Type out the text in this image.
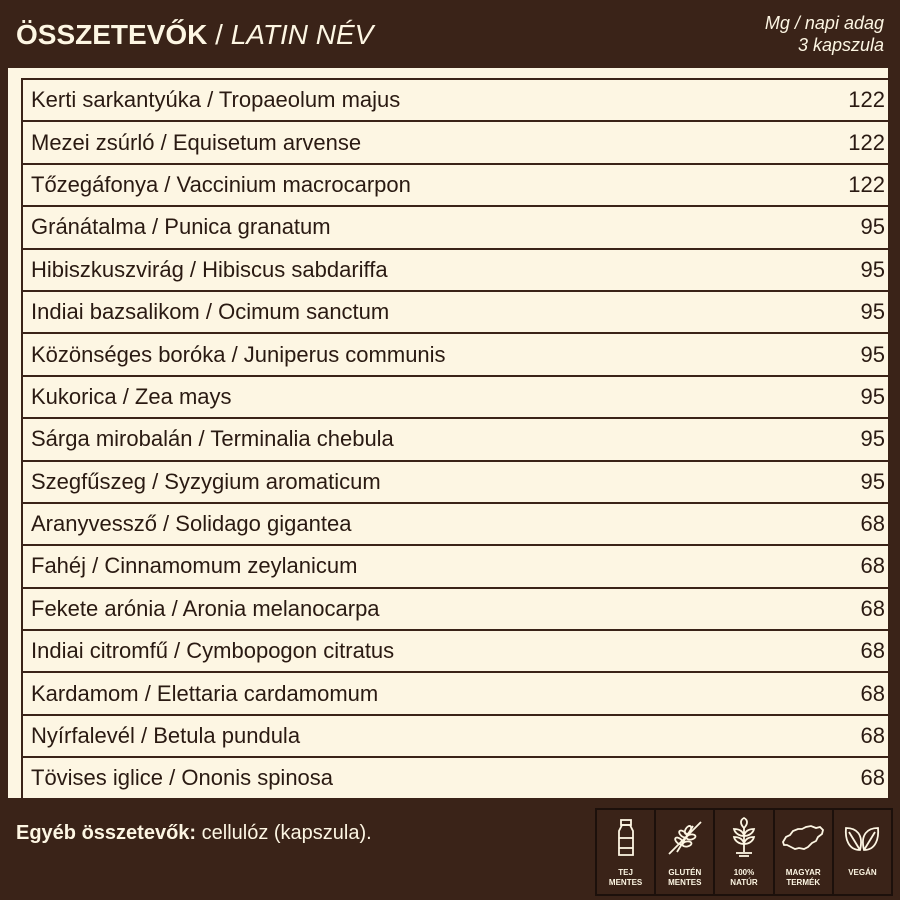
ÖSSZETEVŐK / LATIN NÉV	Mg / napi adag
3 kapszula
Kerti sarkantyúka / Tropaeolum majus	122
Mezei zsúrló / Equisetum arvense	122
Tőzegáfonya / Vaccinium macrocarpon	122
Gránátalma / Punica granatum	95
Hibiszkuszvirág / Hibiscus sabdariffa	95
Indiai bazsalikom / Ocimum sanctum	95
Közönséges boróka / Juniperus communis	95
Kukorica / Zea mays	95
Sárga mirobalán / Terminalia chebula	95
Szegfűszeg / Syzygium aromaticum	95
Aranyvessző / Solidago gigantea	68
Fahéj / Cinnamomum zeylanicum	68
Fekete arónia / Aronia melanocarpa	68
Indiai citromfű / Cymbopogon citratus	68
Kardamom / Elettaria cardamomum	68
Nyírfalevél / Betula pundula	68
Tövises iglice / Ononis spinosa	68
Egyéb összetevők: cellulóz (kapszula).
TEJ
MENTES
GLUTÉN
MENTES
100%
NATÚR
MAGYAR
TERMÉK
VEGÁN
